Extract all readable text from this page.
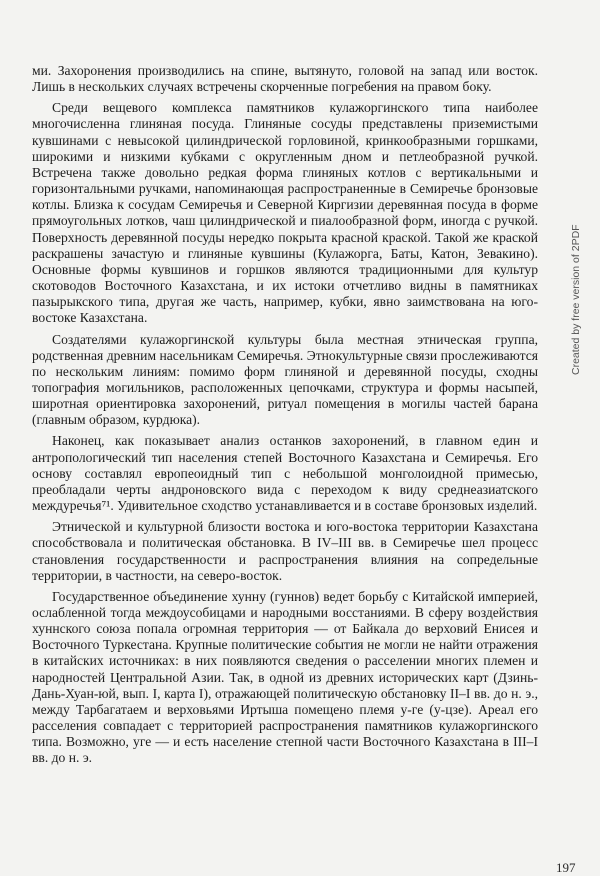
ми. Захоронения производились на спине, вытянуто, головой на запад или восток. Лишь в нескольких случаях встречены скорченные погребения на правом боку.

Среди вещевого комплекса памятников кулажоргинского типа наиболее многочисленна глиняная посуда. Глиняные сосуды представлены приземистыми кувшинами с невысокой цилиндрической горловиной, кринкообразными горшками, широкими и низкими кубками с округленным дном и петлеобразной ручкой. Встречена также довольно редкая форма глиняных котлов с вертикальными и горизонтальными ручками, напоминающая распространенные в Семиречье бронзовые котлы. Близка к сосудам Семиречья и Северной Киргизии деревянная посуда в форме прямоугольных лотков, чаш цилиндрической и пиалообразной форм, иногда с ручкой. Поверхность деревянной посуды нередко покрыта красной краской. Такой же краской раскрашены зачастую и глиняные кувшины (Кулажорга, Баты, Катон, Зевакино). Основные формы кувшинов и горшков являются традиционными для культур скотоводов Восточного Казахстана, и их истоки отчетливо видны в памятниках пазырыкского типа, другая же часть, например, кубки, явно заимствована на юго-востоке Казахстана.

Создателями кулажоргинской культуры была местная этническая группа, родственная древним насельникам Семиречья. Этнокультурные связи прослеживаются по нескольким линиям: помимо форм глиняной и деревянной посуды, сходны топография могильников, расположенных цепочками, структура и формы насыпей, широтная ориентировка захоронений, ритуал помещения в могилы частей барана (главным образом, курдюка).

Наконец, как показывает анализ останков захоронений, в главном един и антропологический тип населения степей Восточного Казахстана и Семиречья. Его основу составлял европеоидный тип с небольшой монголоидной примесью, преобладали черты андроновского вида с переходом к виду среднеазиатского междуречья⁷¹. Удивительное сходство устанавливается и в составе бронзовых изделий.

Этнической и культурной близости востока и юго-востока территории Казахстана способствовала и политическая обстановка. В IV–III вв. в Семиречье шел процесс становления государственности и распространения влияния на сопредельные территории, в частности, на северо-восток.

Государственное объединение хунну (гуннов) ведет борьбу с Китайской империей, ослабленной тогда междоусобицами и народными восстаниями. В сферу воздействия хуннского союза попала огромная территория — от Байкала до верховий Енисея и Восточного Туркестана. Крупные политические события не могли не найти отражения в китайских источниках: в них появляются сведения о расселении многих племен и народностей Центральной Азии. Так, в одной из древних исторических карт (Дзинь-Дань-Хуан-юй, вып. I, карта I), отражающей политическую обстановку II–I вв. до н. э., между Тарбагатаем и верховьями Иртыша помещено племя у-ге (у-цзе). Ареал его расселения совпадает с территорией распространения памятников кулажоргинского типа. Возможно, уге — и есть население степной части Восточного Казахстана в III–I вв. до н. э.

Created by free version of 2PDF
197
